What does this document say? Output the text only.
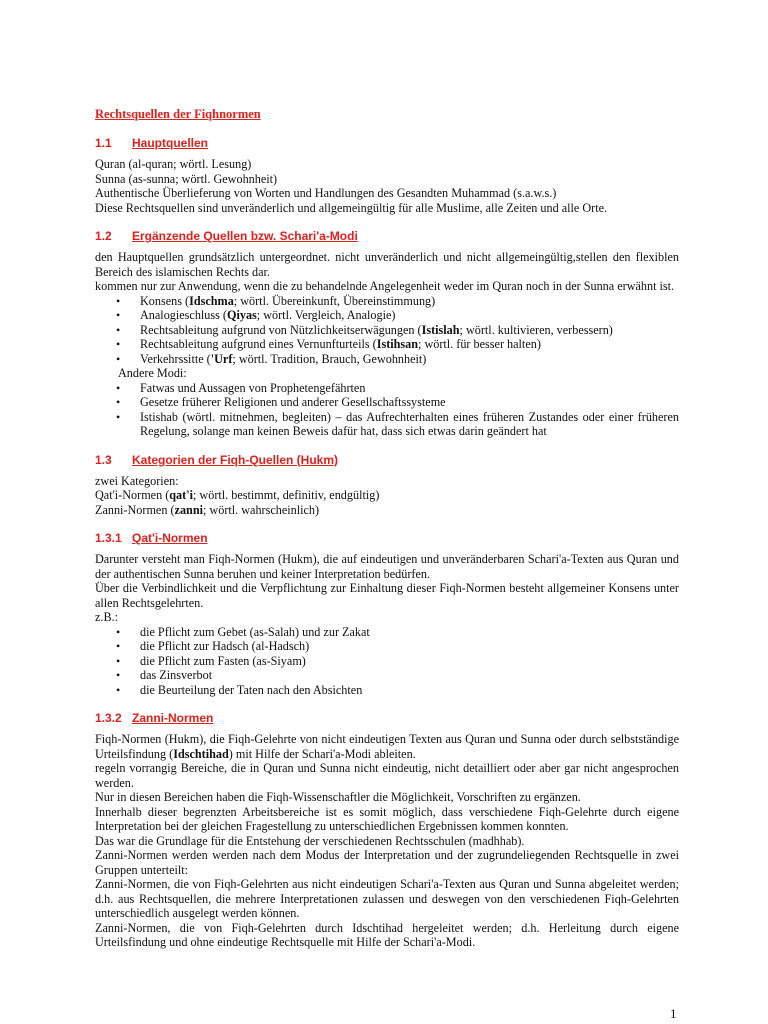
Rechtsquellen der Fiqhnormen
1.1	Hauptquellen

Quran (al-quran; wörtl. Lesung)

Sunna (as-sunna; wörtl. Gewohnheit)

Authentische Überlieferung von Worten und Handlungen des Gesandten Muhammad (s.a.w.s.)

Diese Rechtsquellen sind unveränderlich und allgemeingültig für alle Muslime, alle Zeiten und alle Orte.

1.2	Ergänzende Quellen bzw. Schari'a-Modi

den Hauptquellen grundsätzlich untergeordnet. nicht unveränderlich und nicht allgemeingültig,stellen den flexiblen Bereich des islamischen Rechts dar.

kommen nur zur Anwendung, wenn die zu behandelnde Angelegenheit weder im Quran noch in der Sunna erwähnt ist.

• Konsens (Idschma; wörtl. Übereinkunft, Übereinstimmung)
• Analogieschluss (Qiyas; wörtl. Vergleich, Analogie)
• Rechtsableitung aufgrund von Nützlichkeitserwägungen (Istislah; wörtl. kultivieren, verbessern)
• Rechtsableitung aufgrund eines Vernunfturteils (Istihsan; wörtl. für besser halten)
• Verkehrssitte ('Urf; wörtl. Tradition, Brauch, Gewohnheit)

Andere Modi:

• Fatwas und Aussagen von Prophetengefährten
• Gesetze früherer Religionen und anderer Gesellschaftssysteme
• Istishab (wörtl. mitnehmen, begleiten) – das Aufrechterhalten eines früheren Zustandes oder einer früheren Regelung, solange man keinen Beweis dafür hat, dass sich etwas darin geändert hat
1.3	Kategorien der Fiqh-Quellen (Hukm)

zwei Kategorien:

Qat'i-Normen (qat'i; wörtl. bestimmt, definitiv, endgültig)

Zanni-Normen (zanni; wörtl. wahrscheinlich)

1.3.1 Qat'i-Normen

Darunter versteht man Fiqh-Normen (Hukm), die auf eindeutigen und unveränderbaren Schari'a-Texten aus Quran und der authentischen Sunna beruhen und keiner Interpretation bedürfen.

Über die Verbindlichkeit und die Verpflichtung zur Einhaltung dieser Fiqh-Normen besteht allgemeiner Konsens unter allen Rechtsgelehrten.

z.B.:

• die Pflicht zum Gebet (as-Salah) und zur Zakat
• die Pflicht zur Hadsch (al-Hadsch)
• die Pflicht zum Fasten (as-Siyam)
• das Zinsverbot
• die Beurteilung der Taten nach den Absichten
1.3.2 Zanni-Normen

Fiqh-Normen (Hukm), die Fiqh-Gelehrte von nicht eindeutigen Texten aus Quran und Sunna oder durch selbstständige Urteilsfindung (Idschtihad) mit Hilfe der Schari'a-Modi ableiten.

regeln vorrangig Bereiche, die in Quran und Sunna nicht eindeutig, nicht detailliert oder aber gar nicht angesprochen werden.

Nur in diesen Bereichen haben die Fiqh-Wissenschaftler die Möglichkeit, Vorschriften zu ergänzen.

Innerhalb dieser begrenzten Arbeitsbereiche ist es somit möglich, dass verschiedene Fiqh-Gelehrte durch eigene Interpretation bei der gleichen Fragestellung zu unterschiedlichen Ergebnissen kommen konnten.

Das war die Grundlage für die Entstehung der verschiedenen Rechtsschulen (madhhab).

Zanni-Normen werden werden nach dem Modus der Interpretation und der zugrundeliegenden Rechtsquelle in zwei Gruppen unterteilt:

Zanni-Normen, die von Fiqh-Gelehrten aus nicht eindeutigen Schari'a-Texten aus Quran und Sunna abgeleitet werden; d.h. aus Rechtsquellen, die mehrere Interpretationen zulassen und deswegen von den verschiedenen Fiqh-Gelehrten unterschiedlich ausgelegt werden können.

Zanni-Normen, die von Fiqh-Gelehrten durch Idschtihad hergeleitet werden; d.h. Herleitung durch eigene Urteilsfindung und ohne eindeutige Rechtsquelle mit Hilfe der Schari'a-Modi.

1
